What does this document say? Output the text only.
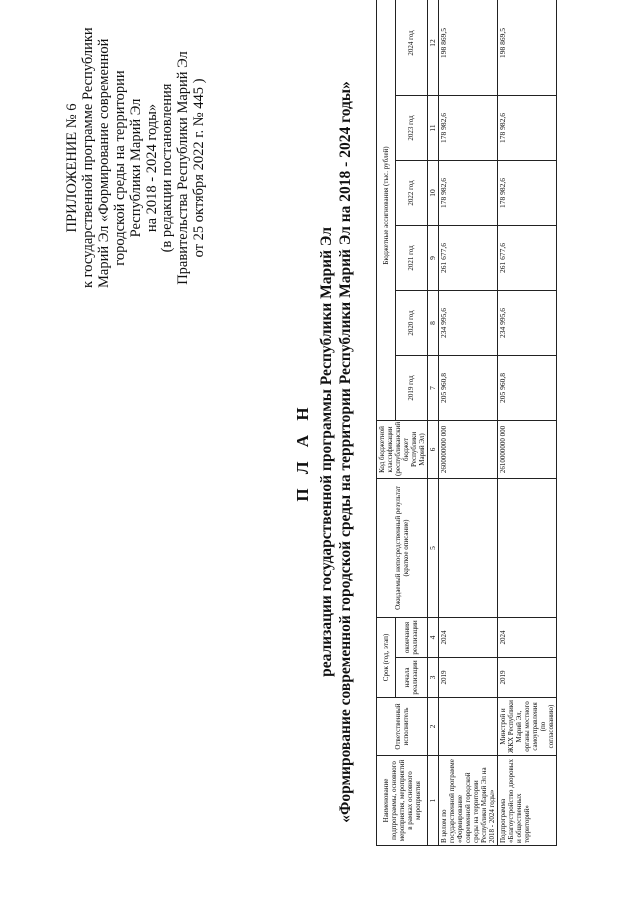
ПРИЛОЖЕНИЕ № 6 к государственной программе Республики Марий Эл «Формирование современной городской среды на территории Республики Марий Эл на 2018 - 2024 годы» (в редакции постановления Правительства Республики Марий Эл от 25 октября 2022 г. № 445 )
П Л А Н реализации государственной программы Республики Марий Эл «Формирование современной городской среды на территории Республики Марий Эл на 2018 - 2024 годы»	Наименование подпрограммы, основного мероприятия, мероприятий в рамках основного мероприятия	Ответственный исполнитель	Срок (год, этап)		Ожидаемый непосредственный результат (краткое описание)	Код бюджетной классификации (республиканский бюджет Республики Марий Эл)	Бюджетные ассигнования (тыс. рублей)					
		начала реализации	окончания реализации			2019 год	2020 год	2021 год	2022 год	2023 год	2024 год
1	2	3	4	5	6	7	8	9	10	11	12
В целом по государственной программе «Формирование современной городской среды на территории Республики Марий Эл на 2018 - 2024 годы»		2019	2024		2600000000 000	205 960,8	234 995,6	261 677,6	178 982,6	178 982,6	198 869,5
Подпрограмма «Благоустройство дворовых и общественных территорий»	Минстрой и ЖКХ Республики Марий Эл, органы местного самоуправления (по согласованию)	2019	2024		2610000000 000	205 960,8	234 995,6	261 677,6	178 982,6	178 982,6	198 869,5
